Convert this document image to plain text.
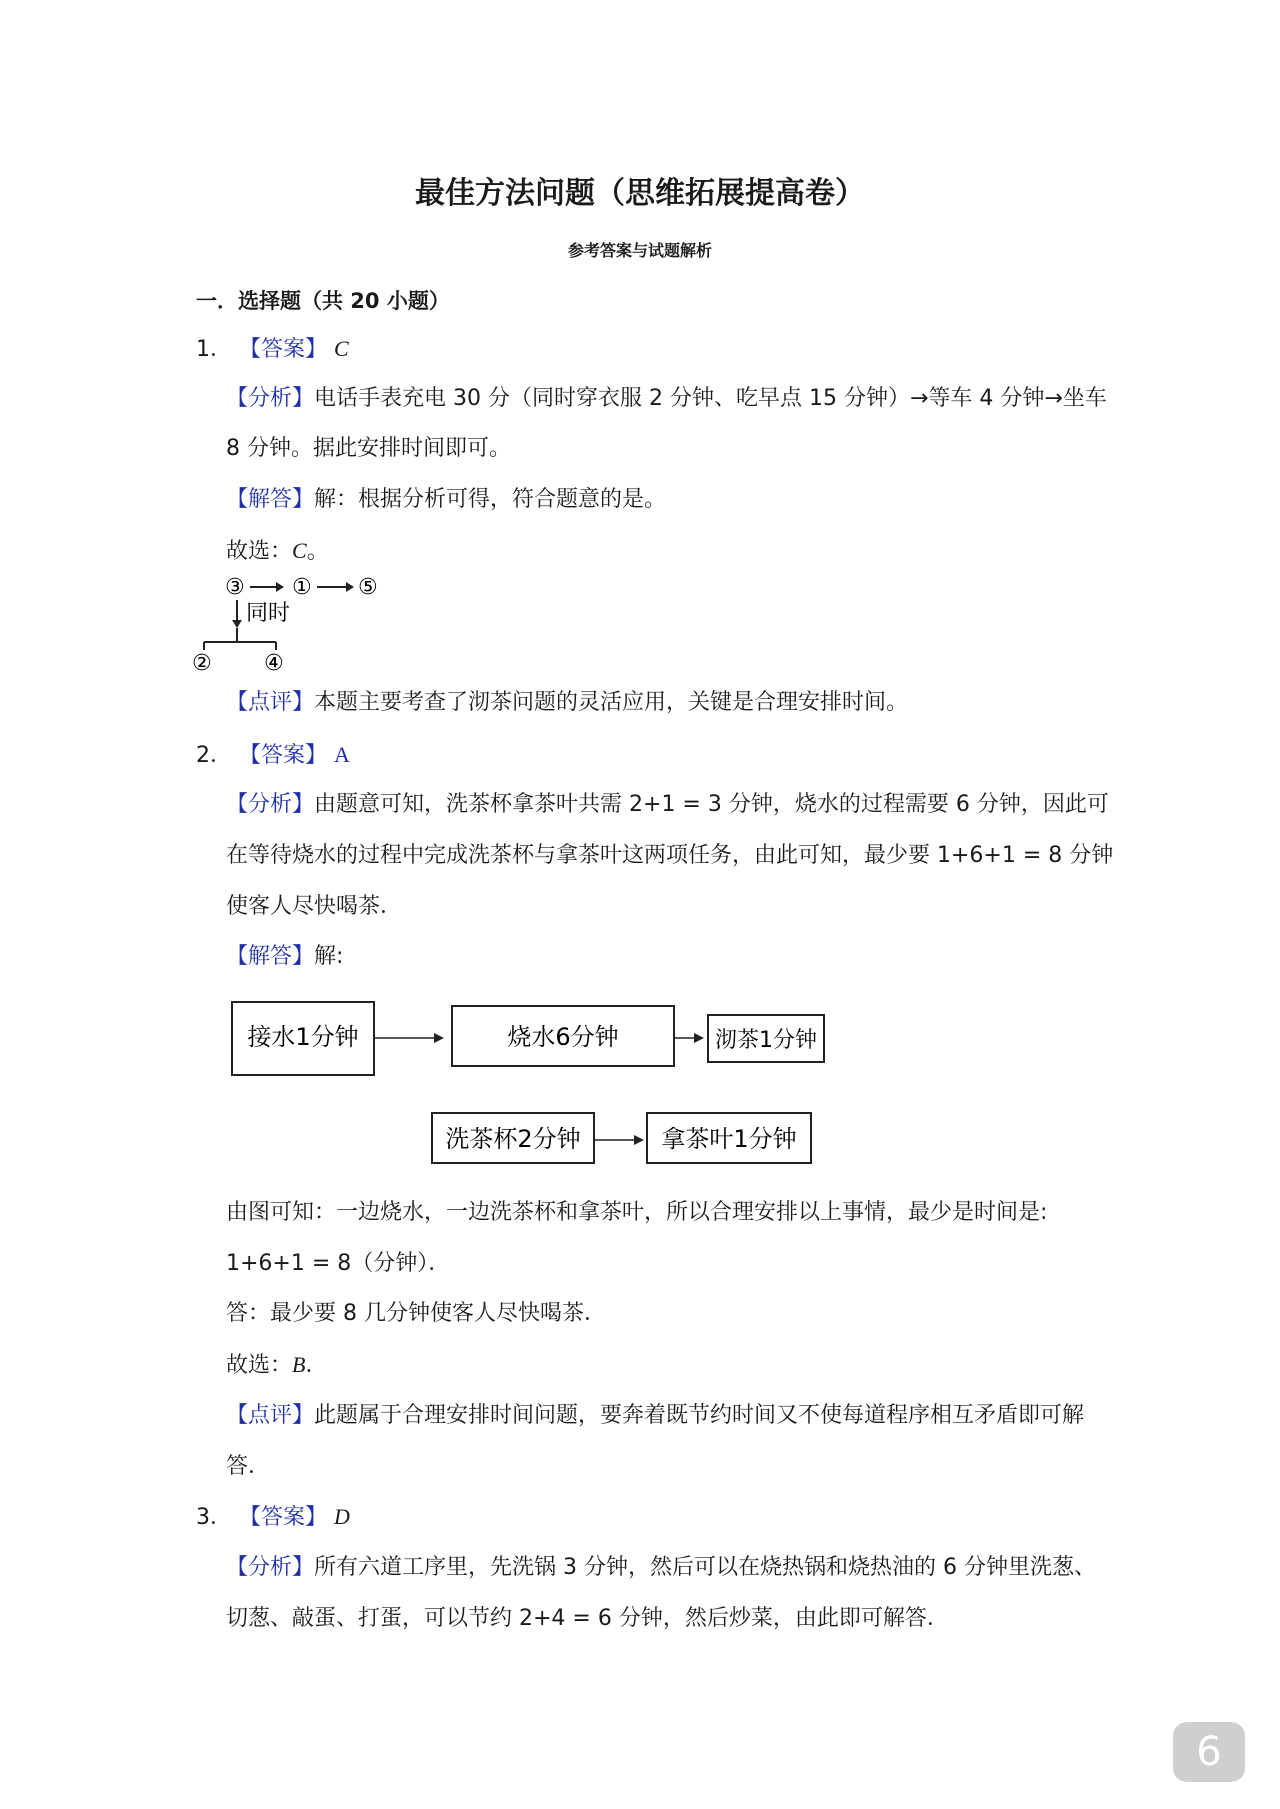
最佳方法问题（思维拓展提高卷）
参考答案与试题解析
一．选择题（共 20 小题）
1． 【答案】 C
【分析】电话手表充电 30 分（同时穿衣服 2 分钟、吃早点 15 分钟）→等车 4 分钟→坐车
8 分钟。据此安排时间即可。
【解答】解：根据分析可得，符合题意的是。
故选：C。
③ ① ⑤
同时
② ④
【点评】本题主要考查了沏茶问题的灵活应用，关键是合理安排时间。
2． 【答案】 A
【分析】由题意可知，洗茶杯拿茶叶共需 2+1 = 3 分钟，烧水的过程需要 6 分钟，因此可
在等待烧水的过程中完成洗茶杯与拿茶叶这两项任务，由此可知，最少要 1+6+1 = 8 分钟
使客人尽快喝茶．
【解答】解:
接水1分钟	烧水6分钟	沏茶1分钟
洗茶杯2分钟	拿茶叶1分钟
由图可知：一边烧水，一边洗茶杯和拿茶叶，所以合理安排以上事情，最少是时间是:
1+6+1 = 8（分钟）．
答：最少要 8 几分钟使客人尽快喝茶．
故选：B．
【点评】此题属于合理安排时间问题，要奔着既节约时间又不使每道程序相互矛盾即可解
答．
3． 【答案】 D
【分析】所有六道工序里，先洗锅 3 分钟，然后可以在烧热锅和烧热油的 6 分钟里洗葱、
切葱、敲蛋、打蛋，可以节约 2+4 = 6 分钟，然后炒菜，由此即可解答．
6
